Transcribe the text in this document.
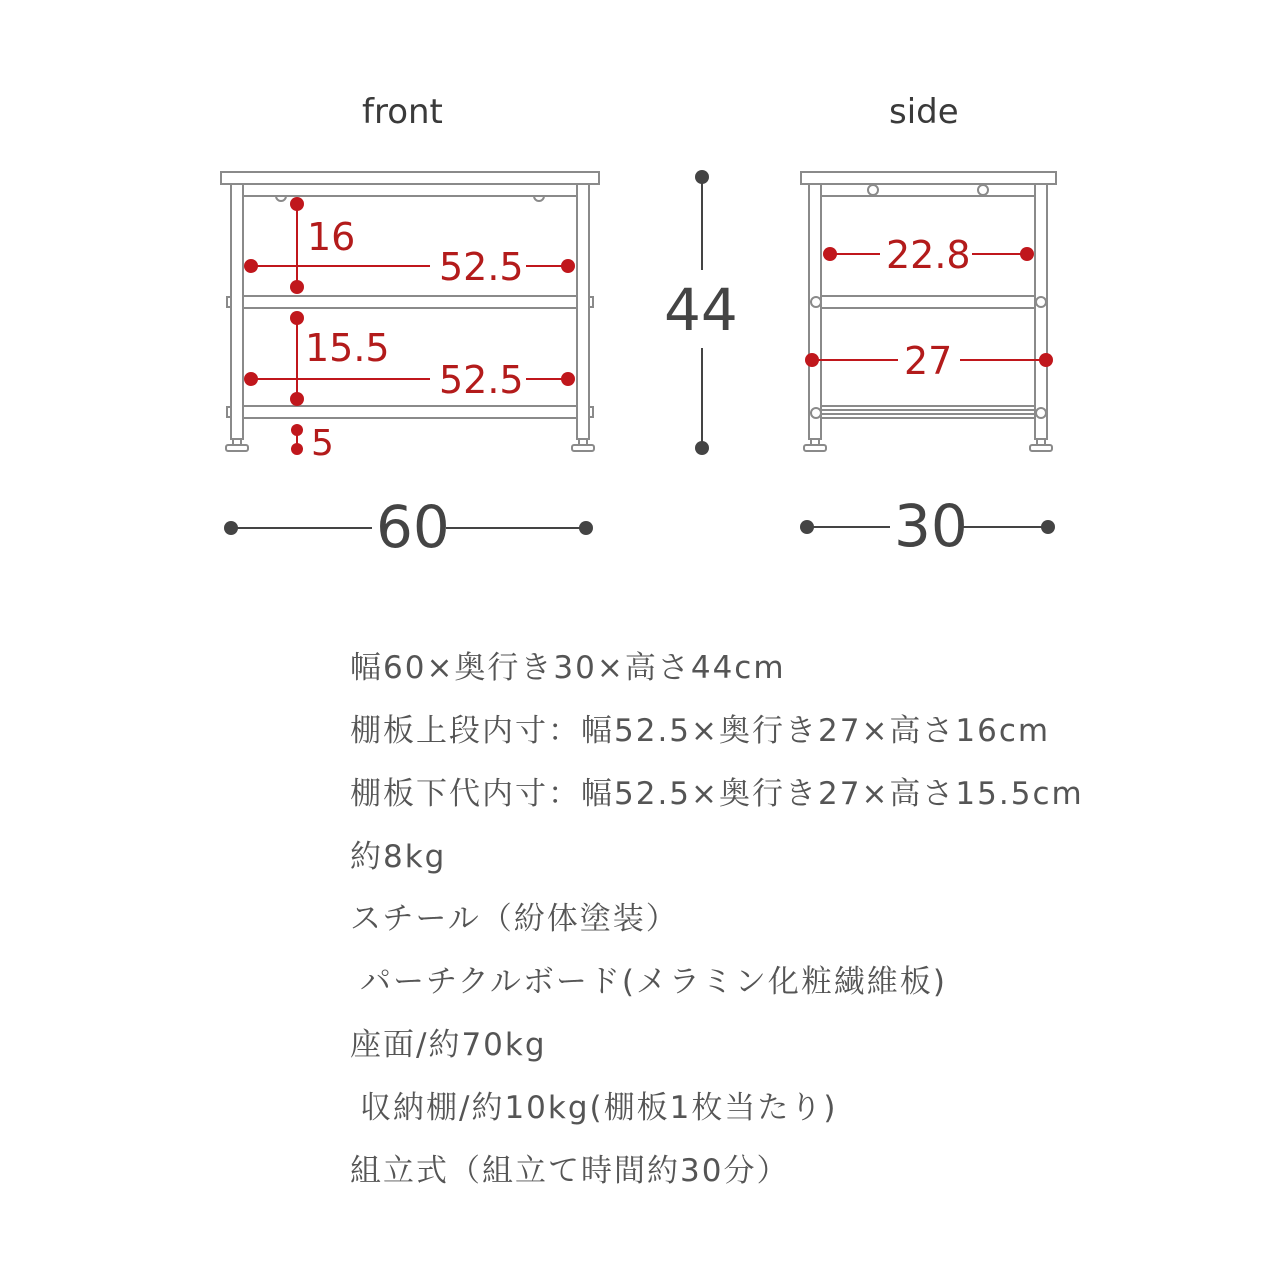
front	side
16
52.5
15.5
52.5
5
44
60
22.8
27
30
幅60×奥行き30×高さ44cm
棚板上段内寸：幅52.5×奥行き27×高さ16cm
棚板下代内寸：幅52.5×奥行き27×高さ15.5cm
約8kg
スチール（紛体塗装）
パーチクルボード(メラミン化粧繊維板)
座面/約70kg
収納棚/約10kg(棚板1枚当たり)
組立式（組立て時間約30分）
